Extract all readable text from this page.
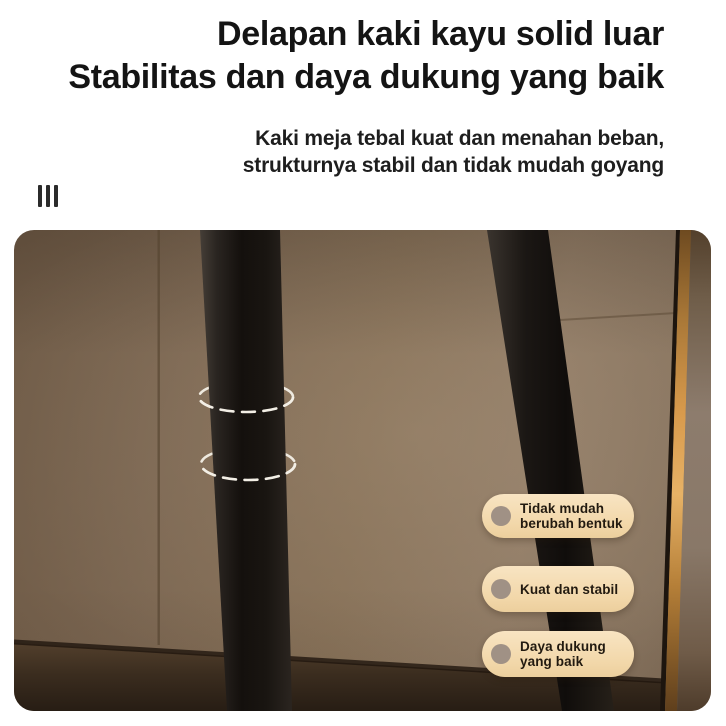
Delapan kaki kayu solid luar
Stabilitas dan daya dukung yang baik

Kaki meja tebal kuat dan menahan beban,
strukturnya stabil dan tidak mudah goyang

Tidak mudah
berubah bentuk
Kuat dan stabil
Daya dukung
yang baik
